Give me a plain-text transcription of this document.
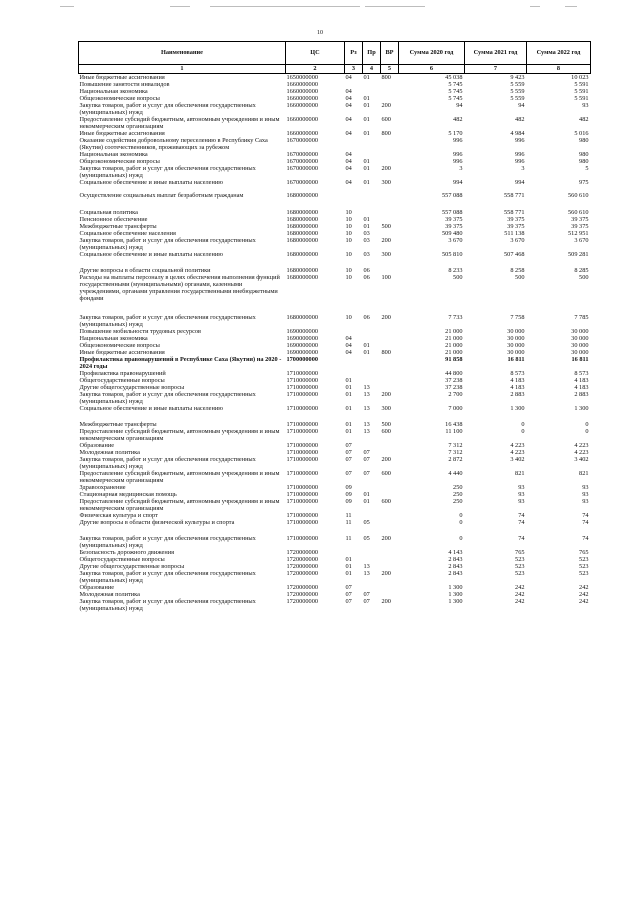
10
Наименование	ЦС	Рз	Пр	ВР	Сумма 2020 год	Сумма 2021 год	Сумма 2022 год
1	2	3	4	5	6	7	8
Иные бюджетные ассигнования	1650000000	04	01	800	45 038	9 423	10 023
Повышение занятости инвалидов	1660000000				5 745	5 559	5 591
Национальная экономика	1660000000	04			5 745	5 559	5 591
Общеэкономические вопросы	1660000000	04	01		5 745	5 559	5 591
Закупка товаров, работ и услуг для обеспечения государственных (муниципальных) нужд	1660000000	04	01	200	94	94	93
Предоставление субсидий бюджетным, автономным учреждениям и иным некоммерческим организациям	1660000000	04	01	600	482	482	482
Иные бюджетные ассигнования	1660000000	04	01	800	5 170	4 984	5 016
Оказание содействия добровольному переселению в Республику Саха (Якутия) соотечественников, проживающих за рубежом	1670000000				996	996	980
Национальная экономика	1670000000	04			996	996	980
Общеэкономические вопросы	1670000000	04	01		996	996	980
Закупка товаров, работ и услуг для обеспечения государственных (муниципальных) нужд	1670000000	04	01	200	3	3	5
Социальное обеспечение и иные выплаты населению	1670000000	04	01	300	994	994	975
Осуществление социальных выплат безработным гражданам	1680000000				557 088	558 771	560 610
Социальная политика	1680000000	10			557 088	558 771	560 610
Пенсионное обеспечение	1680000000	10	01		39 375	39 375	39 375
Межбюджетные трансферты	1680000000	10	01	500	39 375	39 375	39 375
Социальное обеспечение населения	1680000000	10	03		509 480	511 138	512 951
Закупка товаров, работ и услуг для обеспечения государственных (муниципальных) нужд	1680000000	10	03	200	3 670	3 670	3 670
Социальное обеспечение и иные выплаты населению	1680000000	10	03	300	505 810	507 468	509 281
Другие вопросы в области социальной политики	1680000000	10	06		8 233	8 258	8 285
Расходы на выплаты персоналу в целях обеспечения выполнения функций государственными (муниципальными) органами, казенными учреждениями, органами управления государственными внебюджетными фондами	1680000000	10	06	100	500	500	500
Закупка товаров, работ и услуг для обеспечения государственных (муниципальных) нужд	1680000000	10	06	200	7 733	7 758	7 785
Повышение мобильности трудовых ресурсов	1690000000				21 000	30 000	30 000
Национальная экономика	1690000000	04			21 000	30 000	30 000
Общеэкономические вопросы	1690000000	04	01		21 000	30 000	30 000
Иные бюджетные ассигнования	1690000000	04	01	800	21 000	30 000	30 000
Профилактика правонарушений в Республике Саха (Якутия) на 2020 - 2024 годы	1700000000				91 858	16 811	16 811
Профилактика правонарушений	1710000000				44 800	8 573	8 573
Общегосударственные вопросы	1710000000	01			37 238	4 183	4 183
Другие общегосударственные вопросы	1710000000	01	13		37 238	4 183	4 183
Закупка товаров, работ и услуг для обеспечения государственных (муниципальных) нужд	1710000000	01	13	200	2 700	2 883	2 883
Социальное обеспечение и иные выплаты населению	1710000000	01	13	300	7 000	1 300	1 300
Межбюджетные трансферты	1710000000	01	13	500	16 438	0	0
Предоставление субсидий бюджетным, автономным учреждениям и иным некоммерческим организациям	1710000000	01	13	600	11 100	0	0
Образование	1710000000	07			7 312	4 223	4 223
Молодежная политика	1710000000	07	07		7 312	4 223	4 223
Закупка товаров, работ и услуг для обеспечения государственных (муниципальных) нужд	1710000000	07	07	200	2 872	3 402	3 402
Предоставление субсидий бюджетным, автономным учреждениям и иным некоммерческим организациям	1710000000	07	07	600	4 440	821	821
Здравоохранение	1710000000	09			250	93	93
Стационарная медицинская помощь	1710000000	09	01		250	93	93
Предоставление субсидий бюджетным, автономным учреждениям и иным некоммерческим организациям	1710000000	09	01	600	250	93	93
Физическая культура и спорт	1710000000	11			0	74	74
Другие вопросы в области физической культуры и спорта	1710000000	11	05		0	74	74
Закупка товаров, работ и услуг для обеспечения государственных (муниципальных) нужд	1710000000	11	05	200	0	74	74
Безопасность дорожного движения	1720000000				4 143	765	765
Общегосударственные вопросы	1720000000	01			2 843	523	523
Другие общегосударственные вопросы	1720000000	01	13		2 843	523	523
Закупка товаров, работ и услуг для обеспечения государственных (муниципальных) нужд	1720000000	01	13	200	2 843	523	523
Образование	1720000000	07			1 300	242	242
Молодежная политика	1720000000	07	07		1 300	242	242
Закупка товаров, работ и услуг для обеспечения государственных (муниципальных) нужд	1720000000	07	07	200	1 300	242	242
